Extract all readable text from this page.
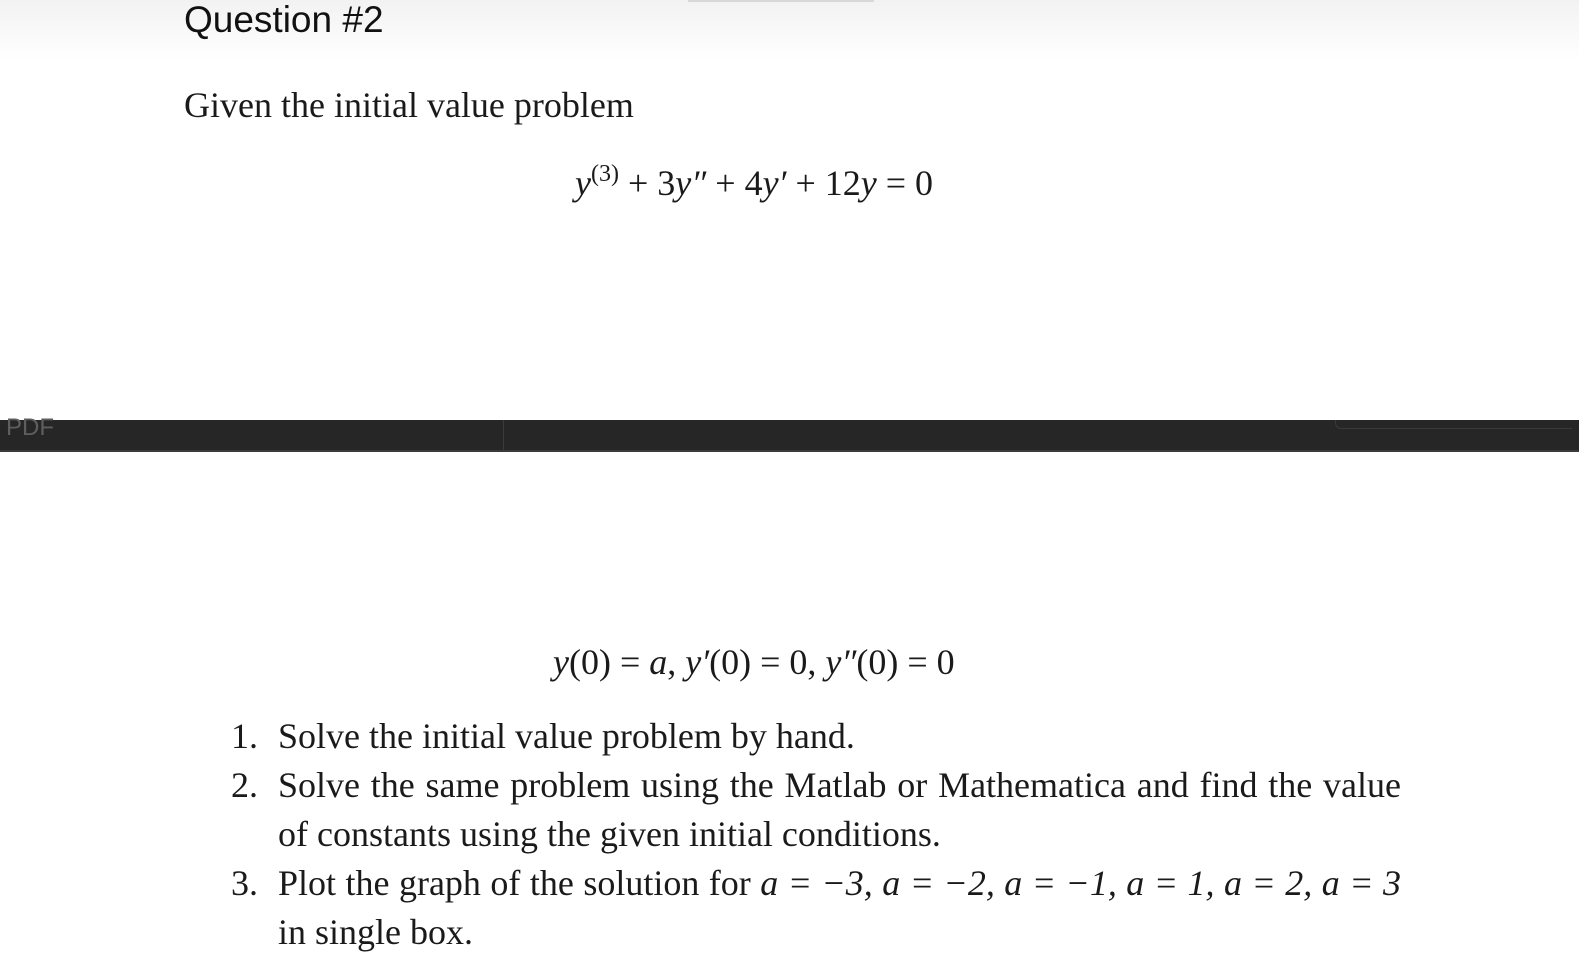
Question #2
Given the initial value problem
$y^{(3)} + 3y'' + 4y' + 12y = 0$
PDF
y(0) = a, y′(0) = 0, y″(0) = 0
1. Solve the initial value problem by hand.
2. Solve the same problem using the Matlab or Mathematica and find the value of constants using the given initial conditions.
3. Plot the graph of the solution for a = −3, a = −2, a = −1, a = 1, a = 2, a = 3 in single box.
